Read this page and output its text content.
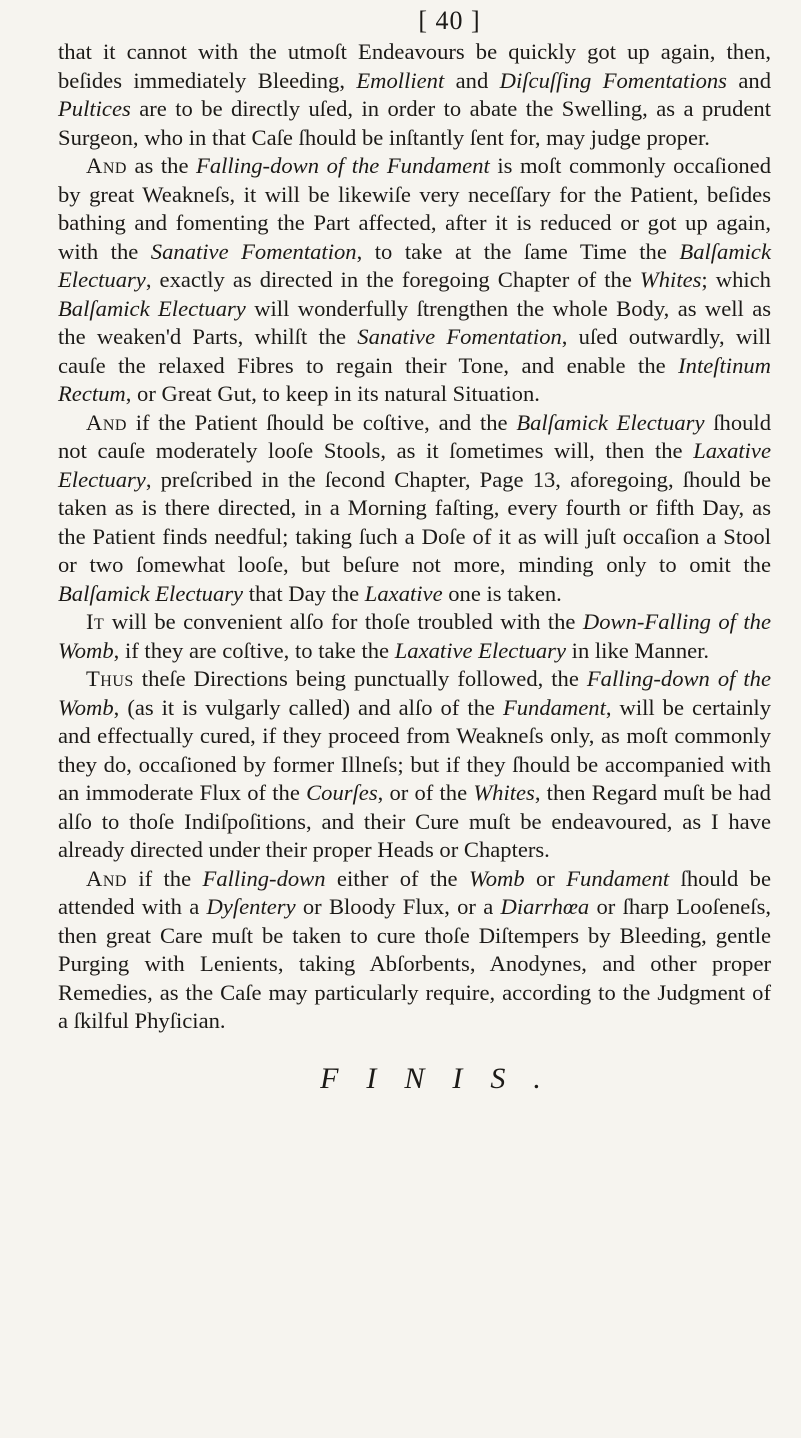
[ 40 ]

that it cannot with the utmoſt Endeavours be quickly got up again, then, beſides immediately Bleeding, Emollient and Diſcuſſing Fomentations and Pultices are to be directly uſed, in order to abate the Swelling, as a prudent Surgeon, who in that Caſe ſhould be inſtantly ſent for, may judge proper.

And as the Falling-down of the Fundament is moſt commonly occaſioned by great Weakneſs, it will be likewiſe very neceſſary for the Patient, beſides bathing and fomenting the Part affected, after it is reduced or got up again, with the Sanative Fomentation, to take at the ſame Time the Balſamick Electuary, exactly as directed in the foregoing Chapter of the Whites; which Balſamick Electuary will wonderfully ſtrengthen the whole Body, as well as the weaken'd Parts, whilſt the Sanative Fomentation, uſed outwardly, will cauſe the relaxed Fibres to regain their Tone, and enable the Inteſtinum Rectum, or Great Gut, to keep in its natural Situation.

And if the Patient ſhould be coſtive, and the Balſamick Electuary ſhould not cauſe moderately looſe Stools, as it ſometimes will, then the Laxative Electuary, preſcribed in the ſecond Chapter, Page 13, aforegoing, ſhould be taken as is there directed, in a Morning faſting, every fourth or fifth Day, as the Patient finds needful; taking ſuch a Doſe of it as will juſt occaſion a Stool or two ſomewhat looſe, but beſure not more, minding only to omit the Balſamick Electuary that Day the Laxative one is taken.

It will be convenient alſo for thoſe troubled with the Down-Falling of the Womb, if they are coſtive, to take the Laxative Electuary in like Manner.

Thus theſe Directions being punctually followed, the Falling-down of the Womb, (as it is vulgarly called) and alſo of the Fundament, will be certainly and effectually cured, if they proceed from Weakneſs only, as moſt commonly they do, occaſioned by former Illneſs; but if they ſhould be accompanied with an immoderate Flux of the Courſes, or of the Whites, then Regard muſt be had alſo to thoſe Indiſpoſitions, and their Cure muſt be endeavoured, as I have already directed under their proper Heads or Chapters.

And if the Falling-down either of the Womb or Fundament ſhould be attended with a Dyſentery or Bloody Flux, or a Diarrhœa or ſharp Looſeneſs, then great Care muſt be taken to cure thoſe Diſtempers by Bleeding, gentle Purging with Lenients, taking Abſorbents, Anodynes, and other proper Remedies, as the Caſe may particularly require, according to the Judgment of a ſkilful Phyſician.

FINIS.
